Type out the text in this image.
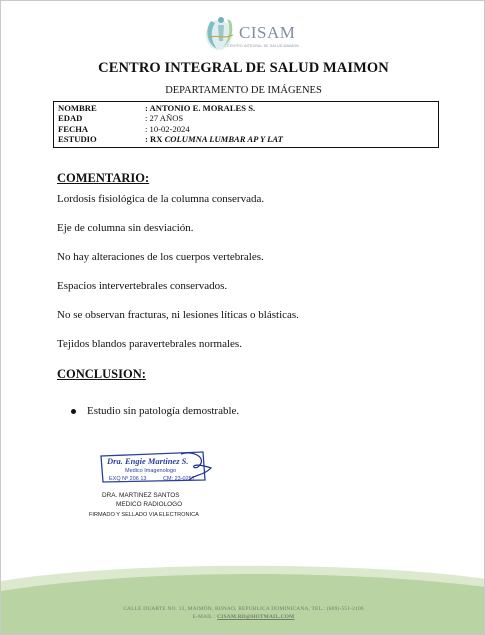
CISAM
CENTRO INTEGRAL DE SALUD MAIMON
CENTRO INTEGRAL DE SALUD MAIMON
DEPARTAMENTO DE IMÁGENES
NOMBRE	: ANTONIO E. MORALES S.
EDAD	: 27 AÑOS
FECHA	: 10-02-2024
ESTUDIO	: RX COLUMNA LUMBAR AP Y LAT
COMENTARIO:
Lordosis fisiológica de la columna conservada.
Eje de columna sin desviación.
No hay alteraciones de los cuerpos vertebrales.
Espacios intervertebrales conservados.
No se observan fracturas, ni lesiones líticas o blásticas.
Tejidos blandos paravertebrales normales.
CONCLUSION:
Estudio sin patología demostrable.
Dra. Engie Martinez S.
Medico Imagenologo
EXQ Nº 206 13	CM: 23-0257
DRA. MARTINEZ SANTOS
MEDICO RADIOLOGO
FIRMADO Y SELLADO VIA ELECTRONICA
CALLE DUARTE NO. 13, MAIMÓN, BONAO, REPUBLICA DOMINICANA, TEL.: (809)-551-2106
E-MAIL : CISAM.RD@HOTMAIL.COM
